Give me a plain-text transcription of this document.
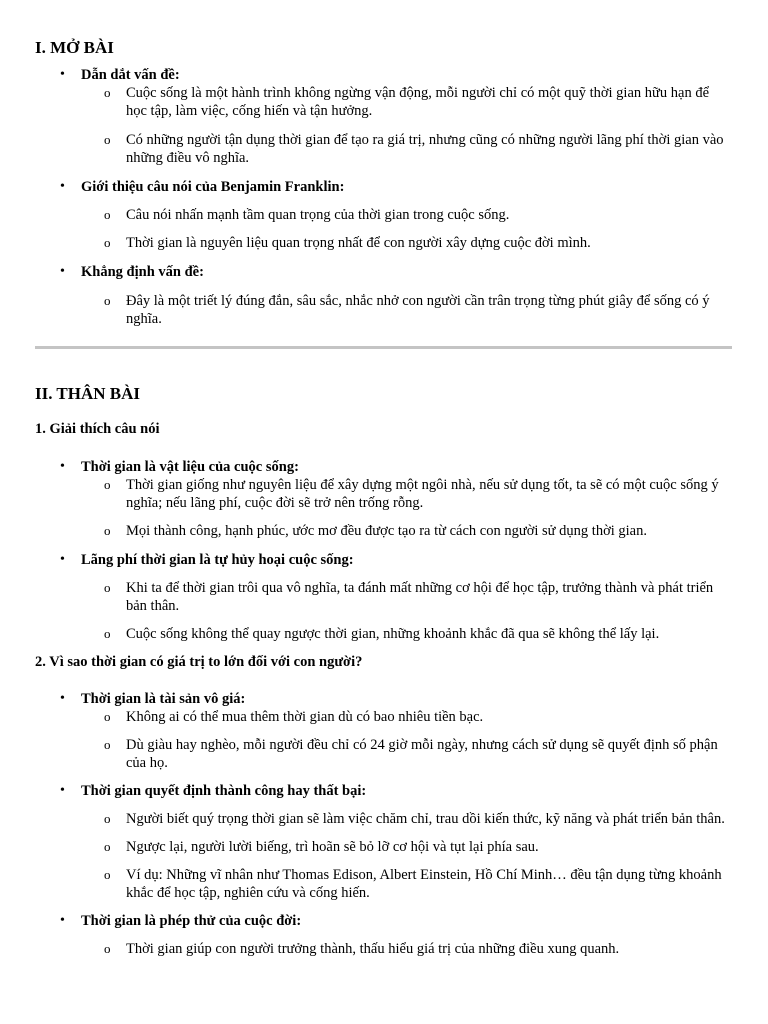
I. MỞ BÀI
• Dẫn dắt vấn đề:
o Cuộc sống là một hành trình không ngừng vận động, mỗi người chỉ có một quỹ thời gian hữu hạn để học tập, làm việc, cống hiến và tận hưởng.
o Có những người tận dụng thời gian để tạo ra giá trị, nhưng cũng có những người lãng phí thời gian vào những điều vô nghĩa.
• Giới thiệu câu nói của Benjamin Franklin:
o Câu nói nhấn mạnh tầm quan trọng của thời gian trong cuộc sống.
o Thời gian là nguyên liệu quan trọng nhất để con người xây dựng cuộc đời mình.
• Khẳng định vấn đề:
o Đây là một triết lý đúng đắn, sâu sắc, nhắc nhở con người cần trân trọng từng phút giây để sống có ý nghĩa.
II. THÂN BÀI
1. Giải thích câu nói
• Thời gian là vật liệu của cuộc sống:
o Thời gian giống như nguyên liệu để xây dựng một ngôi nhà, nếu sử dụng tốt, ta sẽ có một cuộc sống ý nghĩa; nếu lãng phí, cuộc đời sẽ trở nên trống rỗng.
o Mọi thành công, hạnh phúc, ước mơ đều được tạo ra từ cách con người sử dụng thời gian.
• Lãng phí thời gian là tự hủy hoại cuộc sống:
o Khi ta để thời gian trôi qua vô nghĩa, ta đánh mất những cơ hội để học tập, trưởng thành và phát triển bản thân.
o Cuộc sống không thể quay ngược thời gian, những khoảnh khắc đã qua sẽ không thể lấy lại.
2. Vì sao thời gian có giá trị to lớn đối với con người?
• Thời gian là tài sản vô giá:
o Không ai có thể mua thêm thời gian dù có bao nhiêu tiền bạc.
o Dù giàu hay nghèo, mỗi người đều chỉ có 24 giờ mỗi ngày, nhưng cách sử dụng sẽ quyết định số phận của họ.
• Thời gian quyết định thành công hay thất bại:
o Người biết quý trọng thời gian sẽ làm việc chăm chỉ, trau dồi kiến thức, kỹ năng và phát triển bản thân.
o Ngược lại, người lười biếng, trì hoãn sẽ bỏ lỡ cơ hội và tụt lại phía sau.
o Ví dụ: Những vĩ nhân như Thomas Edison, Albert Einstein, Hồ Chí Minh… đều tận dụng từng khoảnh khắc để học tập, nghiên cứu và cống hiến.
• Thời gian là phép thử của cuộc đời:
o Thời gian giúp con người trưởng thành, thấu hiểu giá trị của những điều xung quanh.
